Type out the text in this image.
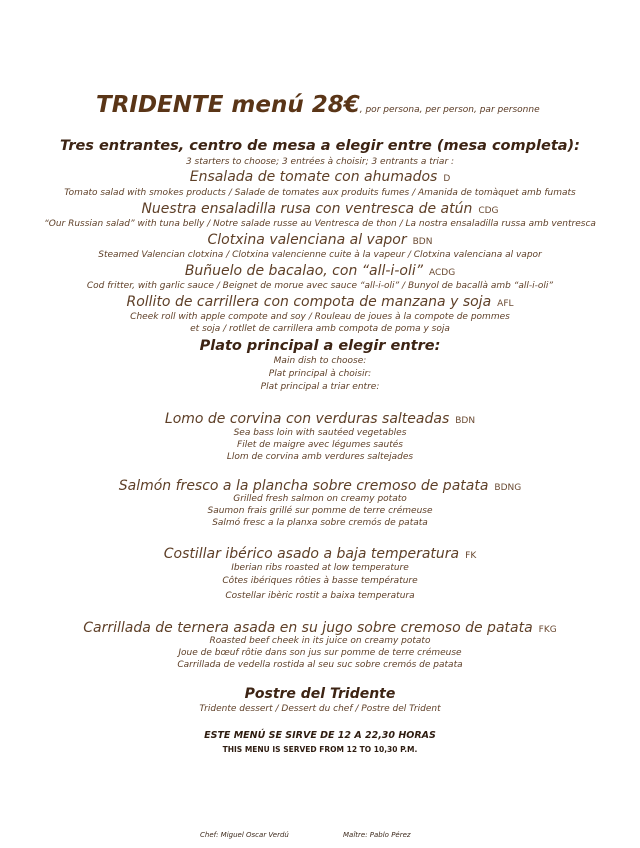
TRIDENTE menú 28€, por persona, per person, par personne
Tres entrantes, centro de mesa a elegir entre (mesa completa):
3 starters to choose; 3 entrées à choisir; 3 entrants a triar :
Ensalada de tomate con ahumados D
Tomato salad with smokes products / Salade de tomates aux produits fumes / Amanida de tomàquet amb fumats
Nuestra ensaladilla rusa con ventresca de atún CDG
“Our Russian salad” with tuna belly / Notre salade russe au Ventresca de thon / La nostra ensaladilla russa amb ventresca
Clotxina valenciana al vapor BDN
Steamed Valencian clotxina / Clotxina valencienne cuite à la vapeur / Clotxina valenciana al vapor
Buñuelo de bacalao, con “all-i-oli” ACDG
Cod fritter, with garlic sauce / Beignet de morue avec sauce “all-i-oli” / Bunyol de bacallà amb “all-i-oli”
Rollito de carrillera con compota de manzana y soja AFL
Cheek roll with apple compote and soy / Rouleau de joues à la compote de pommes et soja / rotllet de carrillera amb compota de poma y soja
Plato principal a elegir entre:
Main dish to choose:
Plat principal à choisir:
Plat principal a triar entre:
Lomo de corvina con verduras salteadas BDN
Sea bass loin with sautéed vegetables
Filet de maigre avec légumes sautés
Llom de corvina amb verdures saltejades
Salmón fresco a la plancha sobre cremoso de patata BDNG
Grilled fresh salmon on creamy potato
Saumon frais grillé sur pomme de terre crémeuse
Salmó fresc a la planxa sobre cremós de patata
Costillar ibérico asado a baja temperatura FK
Iberian ribs roasted at low temperature
Côtes ibériques rôties à basse température
Costellar ibèric rostit a baixa temperatura
Carrillada de ternera asada en su jugo sobre cremoso de patata FKG
Roasted beef cheek in its juice on creamy potato
Joue de bœuf rôtie dans son jus sur pomme de terre crémeuse
Carrillada de vedella rostida al seu suc sobre cremós de patata
Postre del Tridente
Tridente dessert / Dessert du chef / Postre del Trident
ESTE MENÚ SE SIRVE DE 12 A 22,30 HORAS
THIS MENU IS SERVED FROM 12 TO 10,30 P.M.
Chef: Miguel Oscar Verdú	Maître: Pablo Pérez
